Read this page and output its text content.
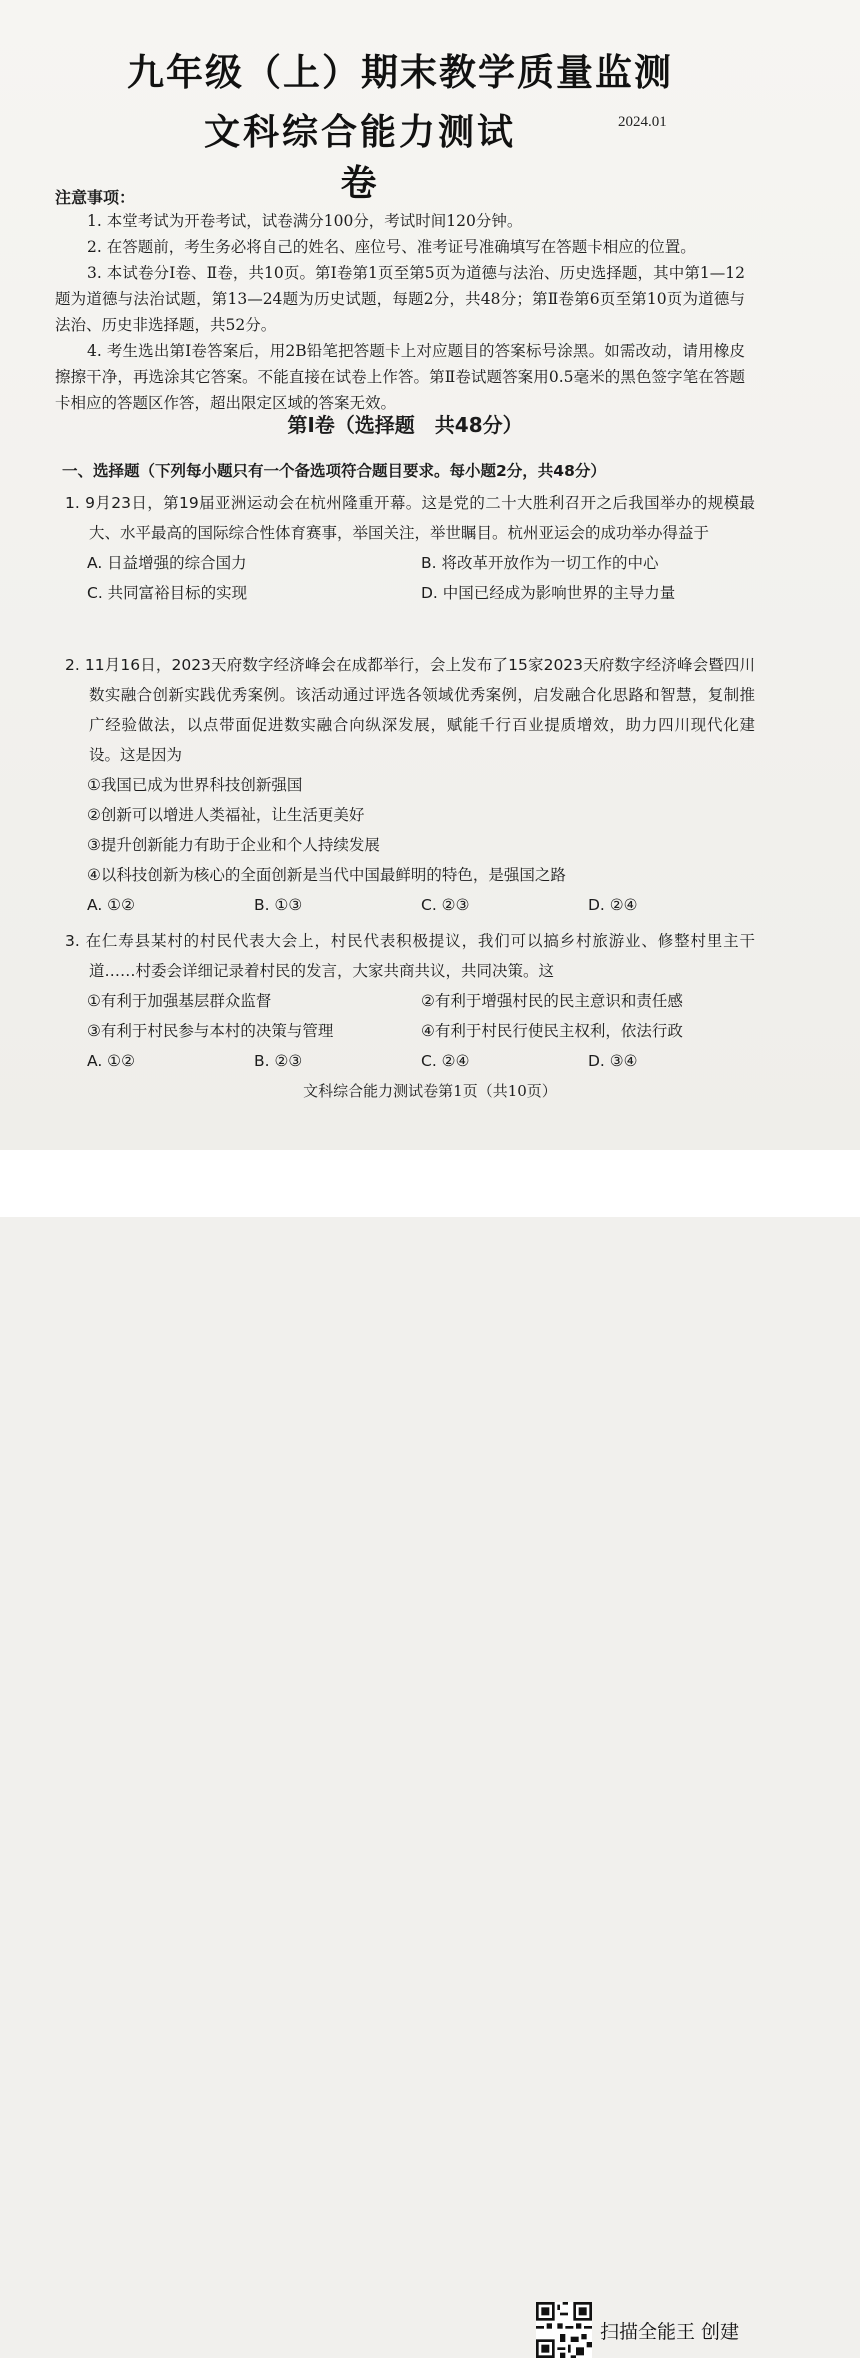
九年级（上）期末教学质量监测
文科综合能力测试卷
2024.01
注意事项：

1. 本堂考试为开卷考试，试卷满分100分，考试时间120分钟。

2. 在答题前，考生务必将自己的姓名、座位号、准考证号准确填写在答题卡相应的位置。

3. 本试卷分Ⅰ卷、Ⅱ卷，共10页。第Ⅰ卷第1页至第5页为道德与法治、历史选择题，其中第1—12题为道德与法治试题，第13—24题为历史试题，每题2分，共48分；第Ⅱ卷第6页至第10页为道德与法治、历史非选择题，共52分。

4. 考生选出第Ⅰ卷答案后，用2B铅笔把答题卡上对应题目的答案标号涂黑。如需改动，请用橡皮擦擦干净，再选涂其它答案。不能直接在试卷上作答。第Ⅱ卷试题答案用0.5毫米的黑色签字笔在答题卡相应的答题区作答，超出限定区域的答案无效。

第Ⅰ卷（选择题　共48分）
一、选择题（下列每小题只有一个备选项符合题目要求。每小题2分，共48分）

1. 9月23日，第19届亚洲运动会在杭州隆重开幕。这是党的二十大胜利召开之后我国举办的规模最大、水平最高的国际综合性体育赛事，举国关注，举世瞩目。杭州亚运会的成功举办得益于

A. 日益增强的综合国力	B. 将改革开放作为一切工作的中心
C. 共同富裕目标的实现	D. 中国已经成为影响世界的主导力量

2. 11月16日，2023天府数字经济峰会在成都举行，会上发布了15家2023天府数字经济峰会暨四川数实融合创新实践优秀案例。该活动通过评选各领域优秀案例，启发融合化思路和智慧，复制推广经验做法，以点带面促进数实融合向纵深发展，赋能千行百业提质增效，助力四川现代化建设。这是因为

①我国已成为世界科技创新强国
②创新可以增进人类福祉，让生活更美好
③提升创新能力有助于企业和个人持续发展
④以科技创新为核心的全面创新是当代中国最鲜明的特色，是强国之路
A. ①②	B. ①③	C. ②③	D. ②④

3. 在仁寿县某村的村民代表大会上，村民代表积极提议，我们可以搞乡村旅游业、修整村里主干道……村委会详细记录着村民的发言，大家共商共议，共同决策。这

①有利于加强基层群众监督	②有利于增强村民的民主意识和责任感
③有利于村民参与本村的决策与管理	④有利于村民行使民主权利，依法行政
A. ①②	B. ②③	C. ②④	D. ③④
文科综合能力测试卷第1页（共10页）
扫描全能王 创建
